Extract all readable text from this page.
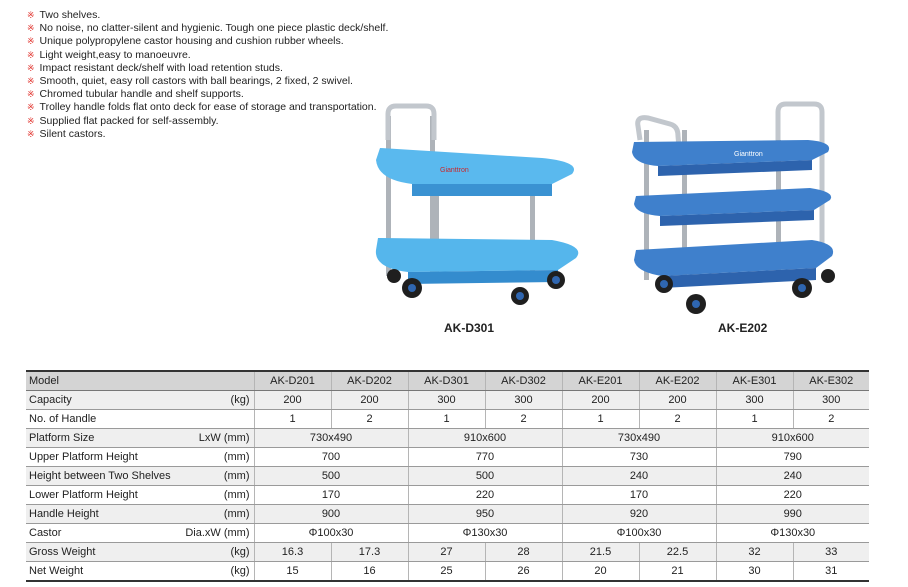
※ Two shelves.
※ No noise, no clatter-silent and hygienic. Tough one piece plastic deck/shelf.
※ Unique polypropylene castor housing and cushion rubber wheels.
※ Light weight,easy to manoeuvre.
※ Impact resistant deck/shelf with load retention studs.
※ Smooth, quiet, easy roll castors with ball bearings, 2 fixed, 2 swivel.
※ Chromed tubular handle and shelf supports.
※ Trolley handle folds flat onto deck for ease of storage and transportation.
※ Supplied flat packed for self-assembly.
※ Silent castors.
Gianttron
AK-D301
Gianttron
AK-E202
Model	AK-D201	AK-D202	AK-D301	AK-D302	AK-E201	AK-E202	AK-E301	AK-E302
Capacity (kg)	200	200	300	300	200	200	300	300
No. of Handle	1	2	1	2	1	2	1	2
Platform Size LxW (mm)	730x490		910x600		730x490		910x600	
Upper Platform Height (mm)	700		770		730		790	
Height between Two Shelves (mm)	500		500		240		240	
Lower Platform Height (mm)	170		220		170		220	
Handle Height (mm)	900		950		920		990	
Castor Dia.xW (mm)	Φ100x30		Φ130x30		Φ100x30		Φ130x30	
Gross Weight (kg)	16.3	17.3	27	28	21.5	22.5	32	33
Net Weight (kg)	15	16	25	26	20	21	30	31
